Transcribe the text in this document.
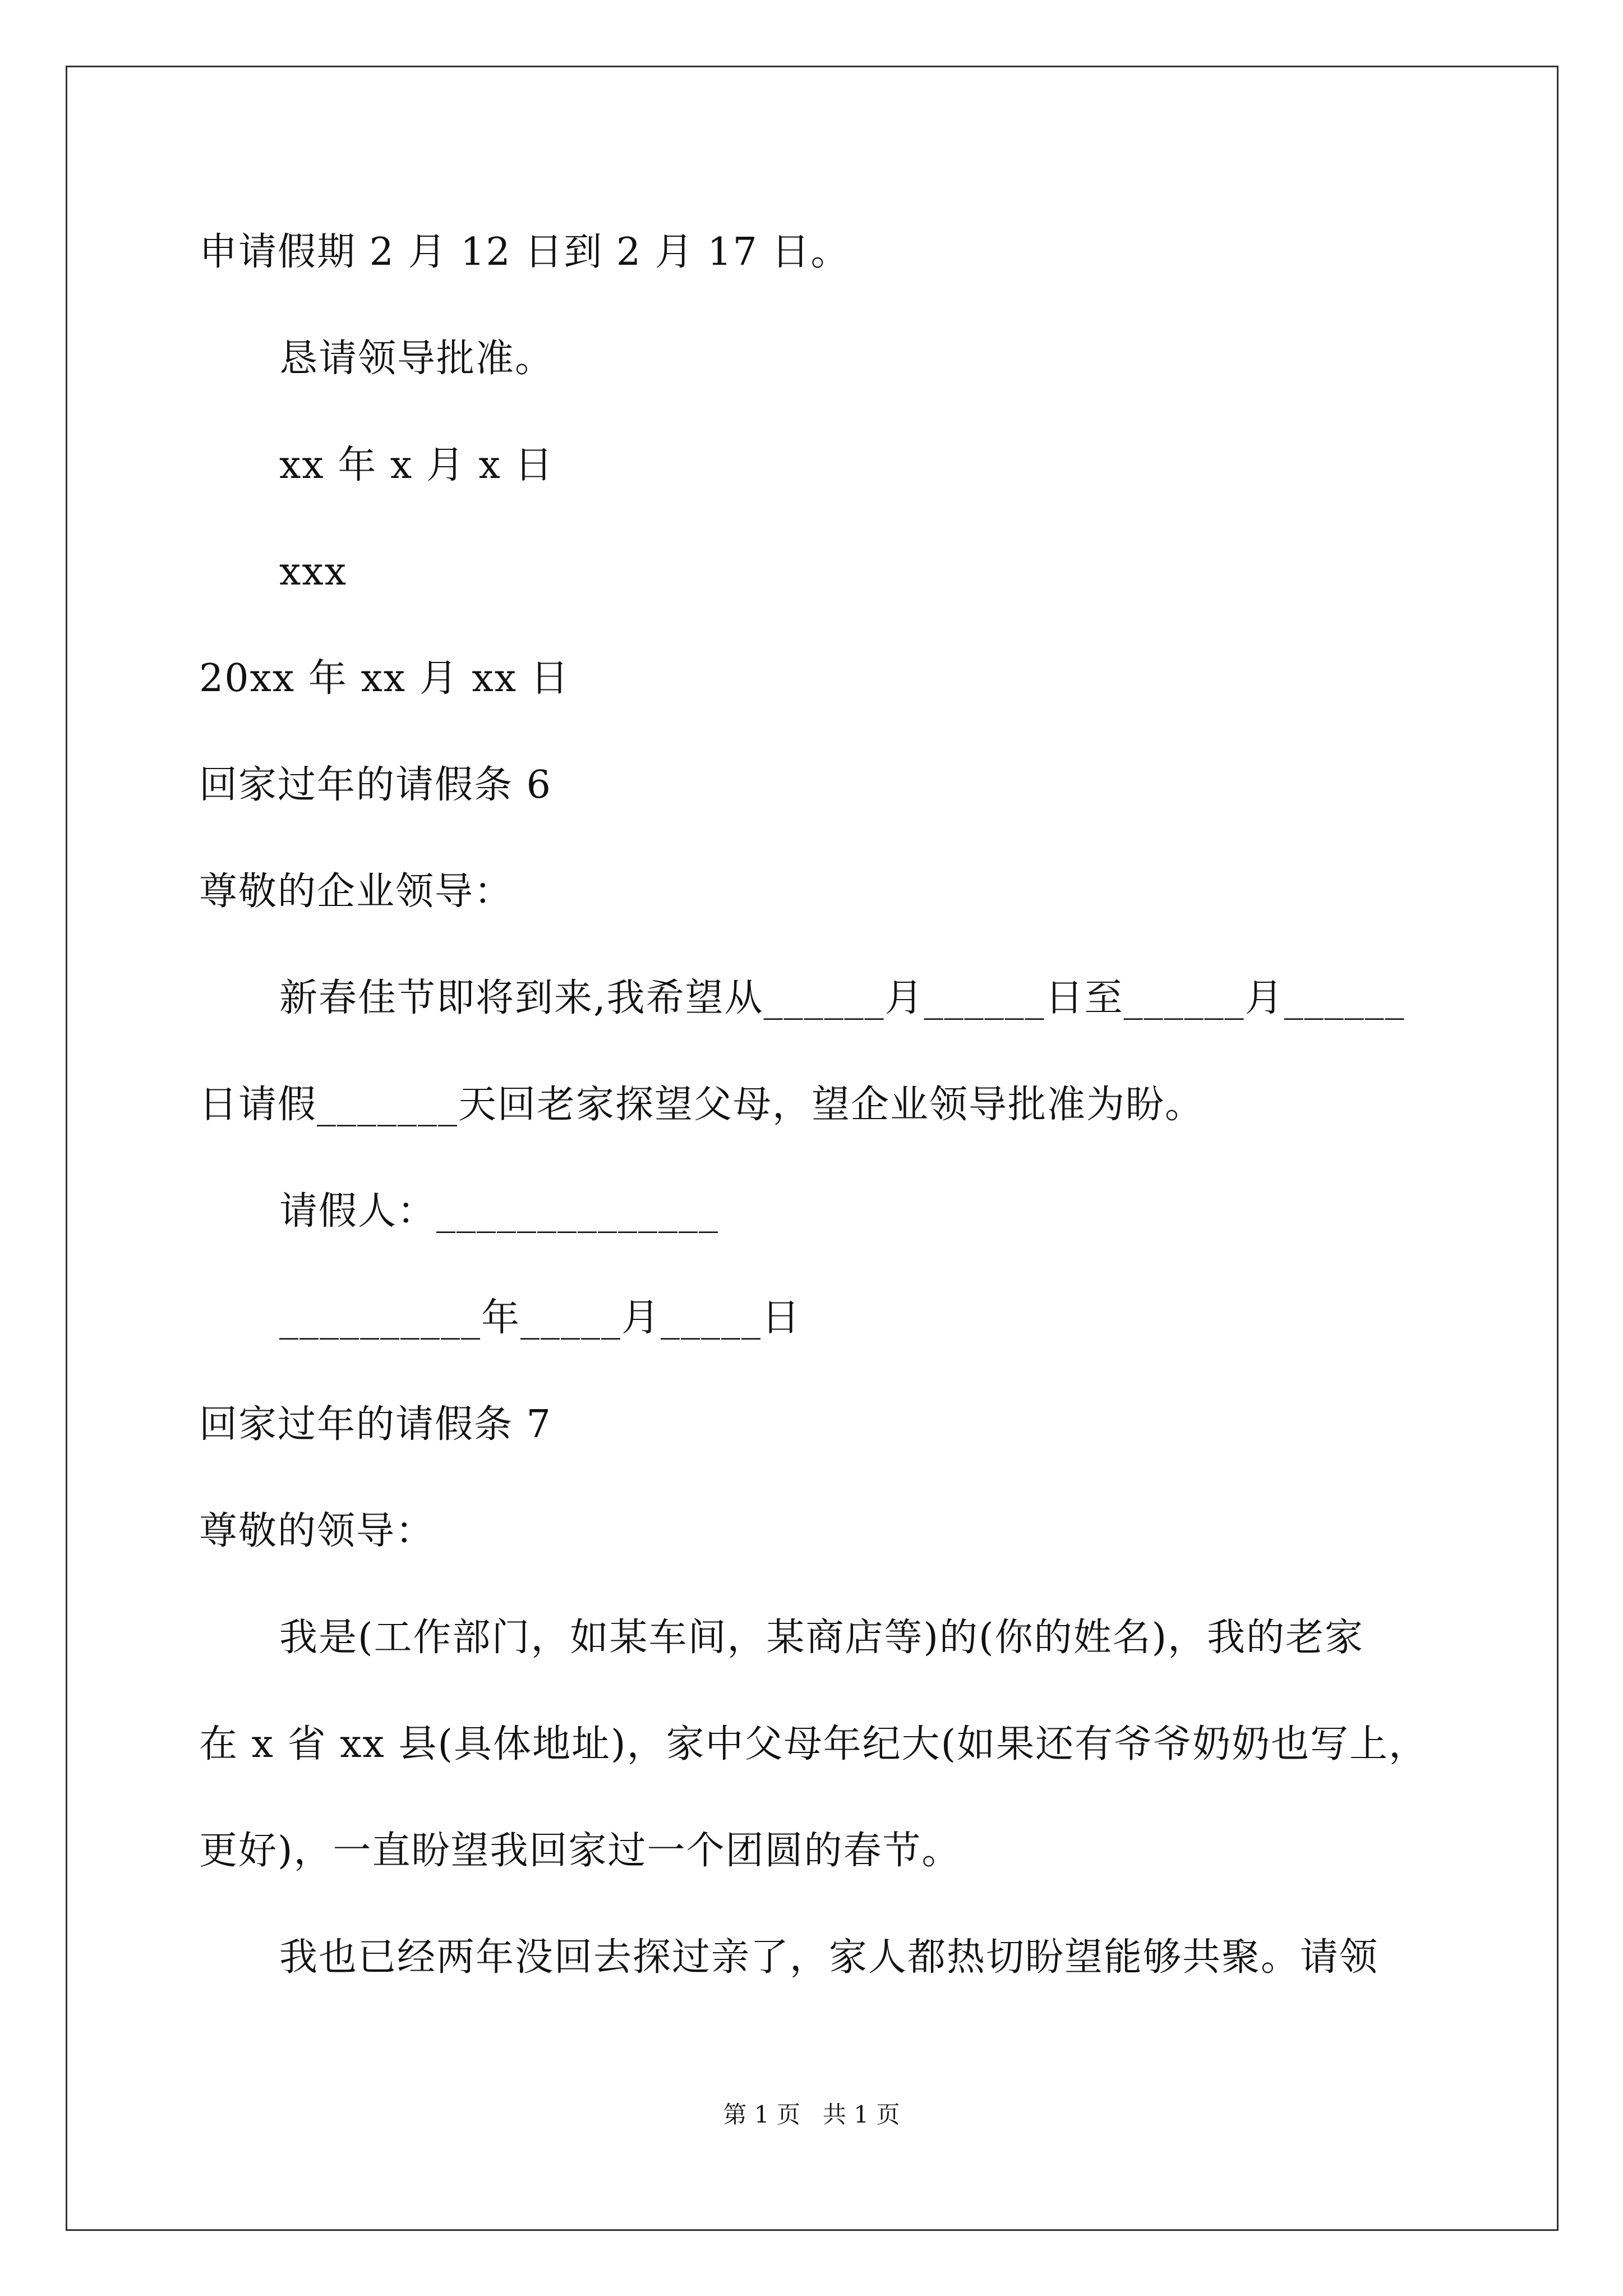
申请假期 2 月 12 日到 2 月 17 日。
恳请领导批准。
xx 年 x 月 x 日
xxx
20xx 年 xx 月 xx 日
回家过年的请假条 6
尊敬的企业领导：
新春佳节即将到来,我希望从______月______日至______月______
日请假_______天回老家探望父母，望企业领导批准为盼。
请假人：______________
__________年_____月_____日
回家过年的请假条 7
尊敬的领导：
我是(工作部门，如某车间，某商店等)的(你的姓名)，我的老家
在 x 省 xx 县(具体地址)，家中父母年纪大(如果还有爷爷奶奶也写上，
更好)，一直盼望我回家过一个团圆的春节。
我也已经两年没回去探过亲了，家人都热切盼望能够共聚。请领
第 1 页   共 1 页
